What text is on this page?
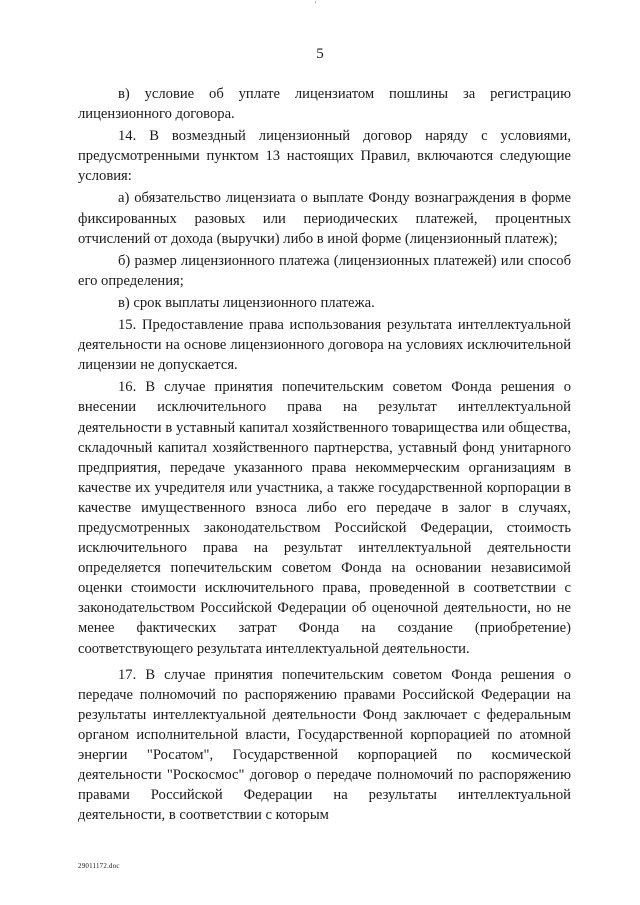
'
5

в) условие об уплате лицензиатом пошлины за регистрацию лицензионного договора.

14. В возмездный лицензионный договор наряду с условиями, предусмотренными пунктом 13 настоящих Правил, включаются следующие условия:

а) обязательство лицензиата о выплате Фонду вознаграждения в форме фиксированных разовых или периодических платежей, процентных отчислений от дохода (выручки) либо в иной форме (лицензионный платеж);

б) размер лицензионного платежа (лицензионных платежей) или способ его определения;

в) срок выплаты лицензионного платежа.

15. Предоставление права использования результата интеллектуальной деятельности на основе лицензионного договора на условиях исключительной лицензии не допускается.

16. В случае принятия попечительским советом Фонда решения о внесении исключительного права на результат интеллектуальной деятельности в уставный капитал хозяйственного товарищества или общества, складочный капитал хозяйственного партнерства, уставный фонд унитарного предприятия, передаче указанного права некоммерческим организациям в качестве их учредителя или участника, а также государственной корпорации в качестве имущественного взноса либо его передаче в залог в случаях, предусмотренных законодательством Российской Федерации, стоимость исключительного права на результат интеллектуальной деятельности определяется попечительским советом Фонда на основании независимой оценки стоимости исключительного права, проведенной в соответствии с законодательством Российской Федерации об оценочной деятельности, но не менее фактических затрат Фонда на создание (приобретение) соответствующего результата интеллектуальной деятельности.

17. В случае принятия попечительским советом Фонда решения о передаче полномочий по распоряжению правами Российской Федерации на результаты интеллектуальной деятельности Фонд заключает с федеральным органом исполнительной власти, Государственной корпорацией по атомной энергии "Росатом", Государственной корпорацией по космической деятельности "Роскосмос" договор о передаче полномочий по распоряжению правами Российской Федерации на результаты интеллектуальной деятельности, в соответствии с которым

29011172.doc
